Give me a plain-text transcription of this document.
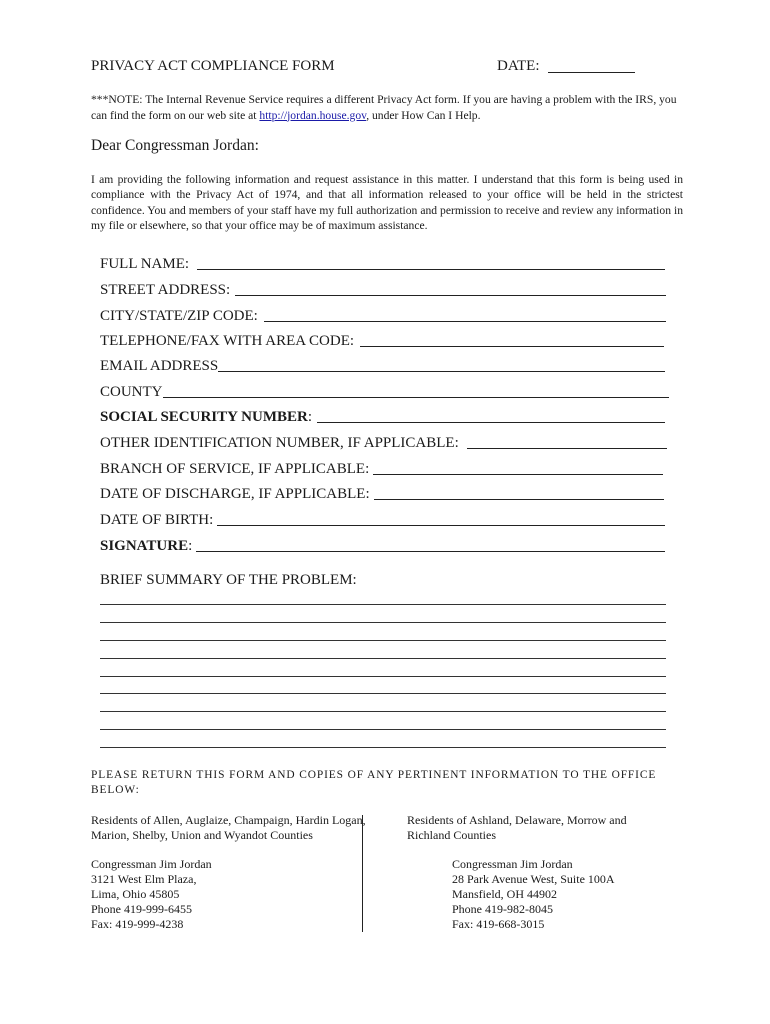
PRIVACY ACT COMPLIANCE FORM	DATE:
***NOTE: The Internal Revenue Service requires a different Privacy Act form. If you are having a problem with the IRS, you can find the form on our web site at http://jordan.house.gov, under How Can I Help.
Dear Congressman Jordan:
I am providing the following information and request assistance in this matter. I understand that this form is being used in compliance with the Privacy Act of 1974, and that all information released to your office will be held in the strictest confidence. You and members of your staff have my full authorization and permission to receive and review any information in my file or elsewhere, so that your office may be of maximum assistance.
FULL NAME:
STREET ADDRESS:
CITY/STATE/ZIP CODE:
TELEPHONE/FAX WITH AREA CODE:
EMAIL ADDRESS
COUNTY
SOCIAL SECURITY NUMBER :
OTHER IDENTIFICATION NUMBER, IF APPLICABLE:
BRANCH OF SERVICE, IF APPLICABLE:
DATE OF DISCHARGE, IF APPLICABLE:
DATE OF BIRTH:
SIGNATURE :
BRIEF SUMMARY OF THE PROBLEM:
PLEASE RETURN THIS FORM AND COPIES OF ANY PERTINENT INFORMATION TO THE OFFICE BELOW:
Residents of Allen, Auglaize, Champaign, Hardin Logan, Marion, Shelby, Union and Wyandot Counties
Congressman Jim Jordan
3121 West Elm Plaza,
Lima, Ohio 45805
Phone 419-999-6455
Fax: 419-999-4238
Residents of Ashland, Delaware, Morrow and Richland Counties
Congressman Jim Jordan
28 Park Avenue West, Suite 100A
Mansfield, OH 44902
Phone 419-982-8045
Fax: 419-668-3015
